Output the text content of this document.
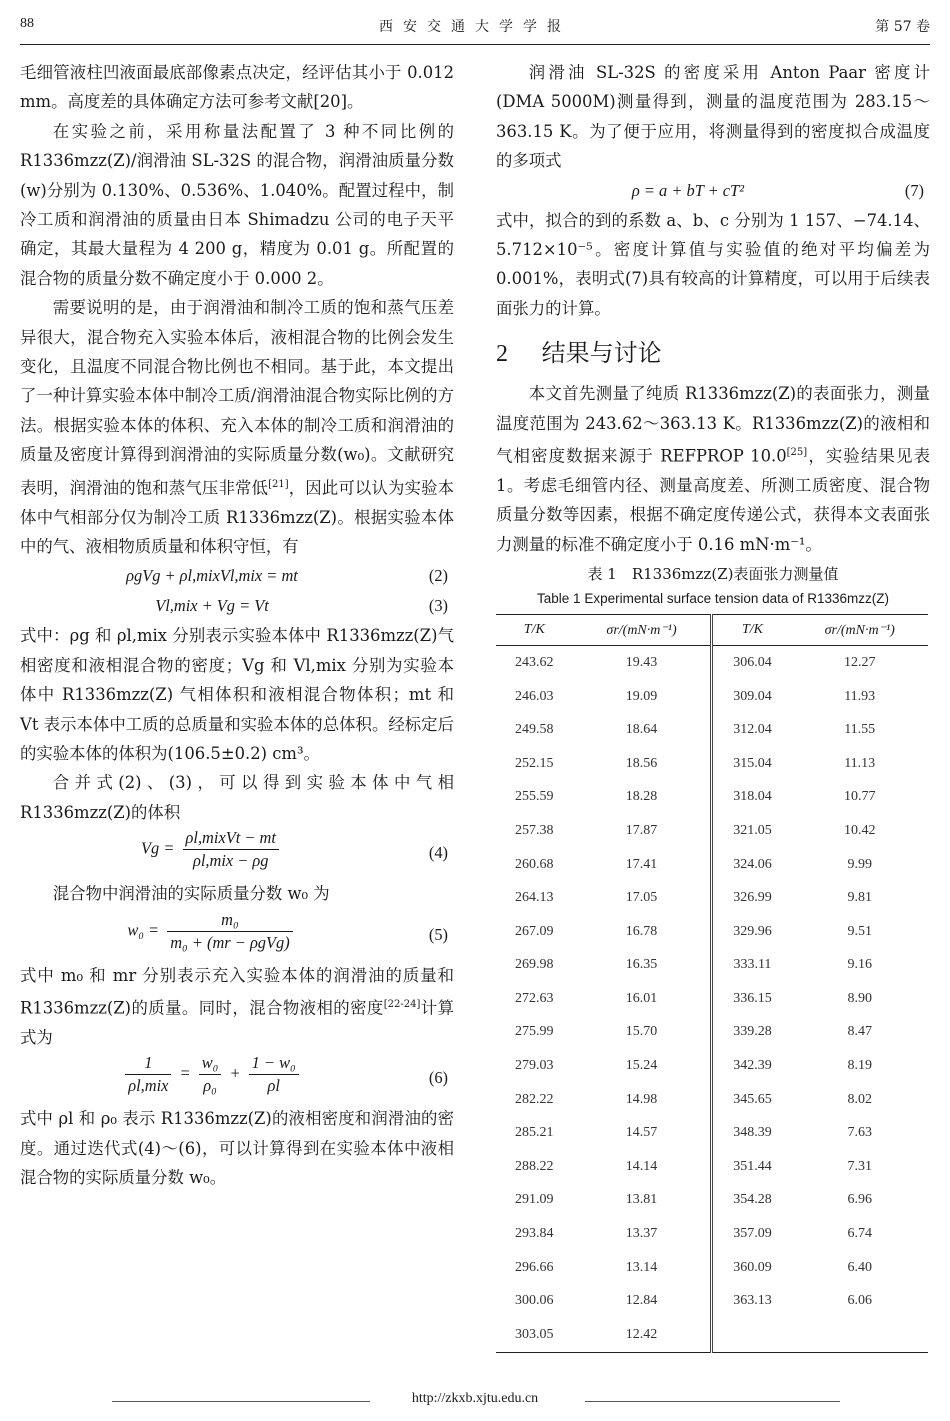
88	西安交通大学学报	第 57 卷

毛细管液柱凹液面最底部像素点决定，经评估其小于 0.012 mm。高度差的具体确定方法可参考文献[20]。

在实验之前，采用称量法配置了 3 种不同比例的 R1336mzz(Z)/润滑油 SL-32S 的混合物，润滑油质量分数(w)分别为 0.130%、0.536%、1.040%。配置过程中，制冷工质和润滑油的质量由日本 Shimadzu 公司的电子天平确定，其最大量程为 4 200 g，精度为 0.01 g。所配置的混合物的质量分数不确定度小于 0.000 2。

需要说明的是，由于润滑油和制冷工质的饱和蒸气压差异很大，混合物充入实验本体后，液相混合物的比例会发生变化，且温度不同混合物比例也不相同。基于此，本文提出了一种计算实验本体中制冷工质/润滑油混合物实际比例的方法。根据实验本体的体积、充入本体的制冷工质和润滑油的质量及密度计算得到润滑油的实际质量分数(w₀)。文献研究表明，润滑油的饱和蒸气压非常低[21]，因此可以认为实验本体中气相部分仅为制冷工质 R1336mzz(Z)。根据实验本体中的气、液相物质质量和体积守恒，有

ρgVg + ρl,mixVl,mix = mt	(2)
Vl,mix + Vg = Vt	(3)

式中：ρg 和 ρl,mix 分别表示实验本体中 R1336mzz(Z)气相密度和液相混合物的密度；Vg 和 Vl,mix 分别为实验本体中 R1336mzz(Z) 气相体积和液相混合物体积；mt 和 Vt 表示本体中工质的总质量和实验本体的总体积。经标定后的实验本体的体积为(106.5±0.2) cm³。

合并式(2)、(3)，可以得到实验本体中气相 R1336mzz(Z)的体积

Vg =
ρl,mixVt − mt
ρl,mix − ρg	(4)

混合物中润滑油的实际质量分数 w₀ 为

w₀ =
m₀
m₀ + (mr − ρgVg)	(5)

式中 m₀ 和 mr 分别表示充入实验本体的润滑油的质量和 R1336mzz(Z)的质量。同时，混合物液相的密度[22-24]计算式为

1
ρl,mix
= $\frac{\text{w₀}}{\text{ρ₀}} + \frac{\text{1 − w₀}}{\rho l}$	(6)

式中 ρl 和 ρ₀ 表示 R1336mzz(Z)的液相密度和润滑油的密度。通过迭代式(4)～(6)，可以计算得到在实验本体中液相混合物的实际质量分数 w₀。

润滑油 SL-32S 的密度采用 Anton Paar 密度计(DMA 5000M)测量得到，测量的温度范围为 283.15～363.15 K。为了便于应用，将测量得到的密度拟合成温度的多项式

ρ = a + bT + cT²	(7)

式中，拟合的到的系数 a、b、c 分别为 1 157、−74.14、5.712×10⁻⁵。密度计算值与实验值的绝对平均偏差为 0.001%，表明式(7)具有较高的计算精度，可以用于后续表面张力的计算。

2 结果与讨论

本文首先测量了纯质 R1336mzz(Z)的表面张力，测量温度范围为 243.62～363.13 K。R1336mzz(Z)的液相和气相密度数据来源于 REFPROP 10.0[25]，实验结果见表 1。考虑毛细管内径、测量高度差、所测工质密度、混合物质量分数等因素，根据不确定度传递公式，获得本文表面张力测量的标准不确定度小于 0.16 mN·m⁻¹。

表 1　R1336mzz(Z)表面张力测量值
Table 1 Experimental surface tension data of R1336mzz(Z)
T/K	σr/(mN·m⁻¹)	T/K	σr/(mN·m⁻¹)
243.62	19.43	306.04	12.27
246.03	19.09	309.04	11.93
249.58	18.64	312.04	11.55
252.15	18.56	315.04	11.13
255.59	18.28	318.04	10.77
257.38	17.87	321.05	10.42
260.68	17.41	324.06	9.99
264.13	17.05	326.99	9.81
267.09	16.78	329.96	9.51
269.98	16.35	333.11	9.16
272.63	16.01	336.15	8.90
275.99	15.70	339.28	8.47
279.03	15.24	342.39	8.19
282.22	14.98	345.65	8.02
285.21	14.57	348.39	7.63
288.22	14.14	351.44	7.31
291.09	13.81	354.28	6.96
293.84	13.37	357.09	6.74
296.66	13.14	360.09	6.40
300.06	12.84	363.13	6.06
303.05	12.42		
http://zkxb.xjtu.edu.cn
